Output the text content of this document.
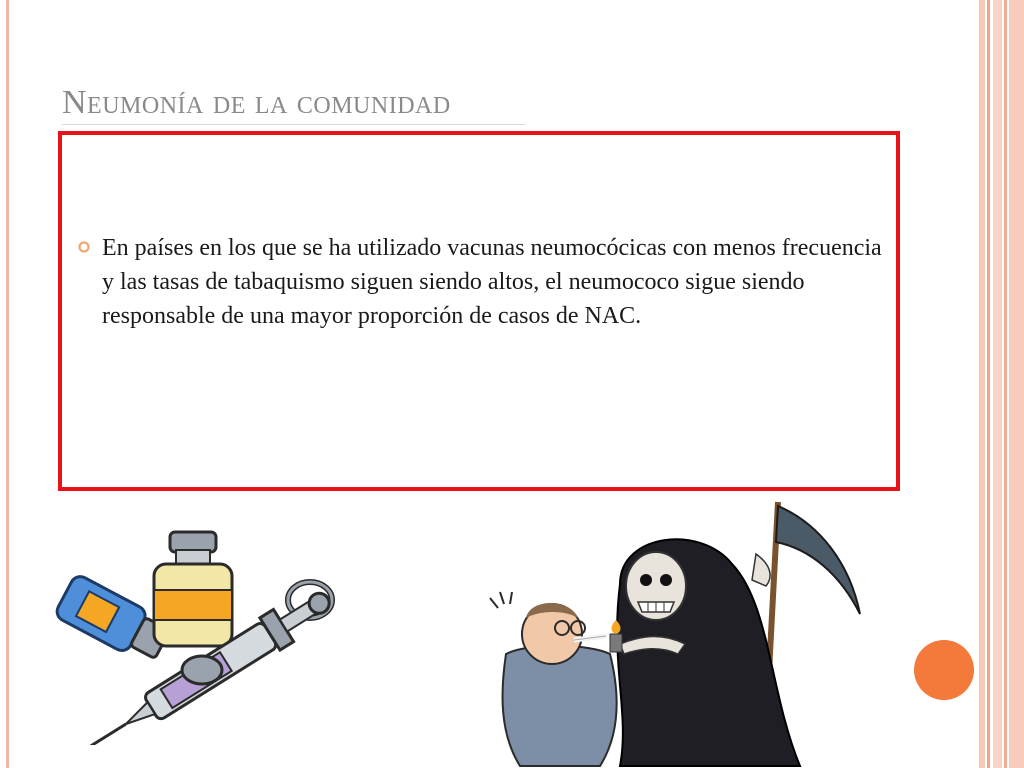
Neumonía de la comunidad

En países en los que se ha utilizado vacunas neumocócicas con menos frecuencia y las tasas de tabaquismo siguen siendo altos, el neumococo sigue siendo responsable de una mayor proporción de casos de NAC.
